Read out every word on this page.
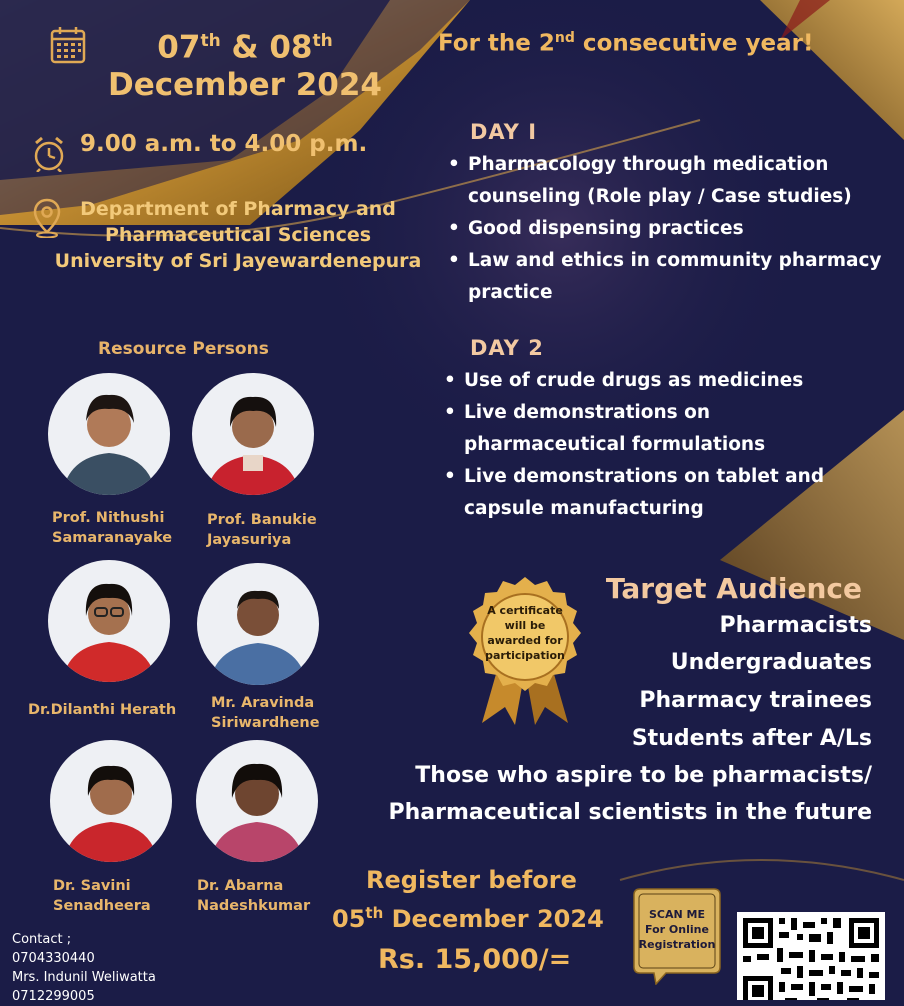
07th & 08th
December 2024
9.00 a.m. to 4.00 p.m.
Department of Pharmacy and
Pharmaceutical Sciences
University of Sri Jayewardenepura
For the 2nd consecutive year!
DAY I
• Pharmacology through medication counseling (Role play / Case studies)
• Good dispensing practices
• Law and ethics in community pharmacy practice
DAY 2
• Use of crude drugs as medicines
• Live demonstrations on pharmaceutical formulations
• Live demonstrations on tablet and capsule manufacturing
Resource Persons
Prof. Nithushi
Samaranayake
Prof. Banukie
Jayasuriya
Dr.Dilanthi Herath Mr. Aravinda
Siriwardhene
Dr. Savini
Senadheera
Dr. Abarna
Nadeshkumar
A certificate
will be
awarded for
participation
Target Audience
Pharmacists
Undergraduates
Pharmacy trainees
Students after A/Ls
Those who aspire to be pharmacists/
Pharmaceutical scientists in the future
Register before
05th December 2024
Rs. 15,000/=
SCAN ME
For Online
Registration
Contact ;
0704330440
Mrs. Indunil Weliwatta
0712299005
